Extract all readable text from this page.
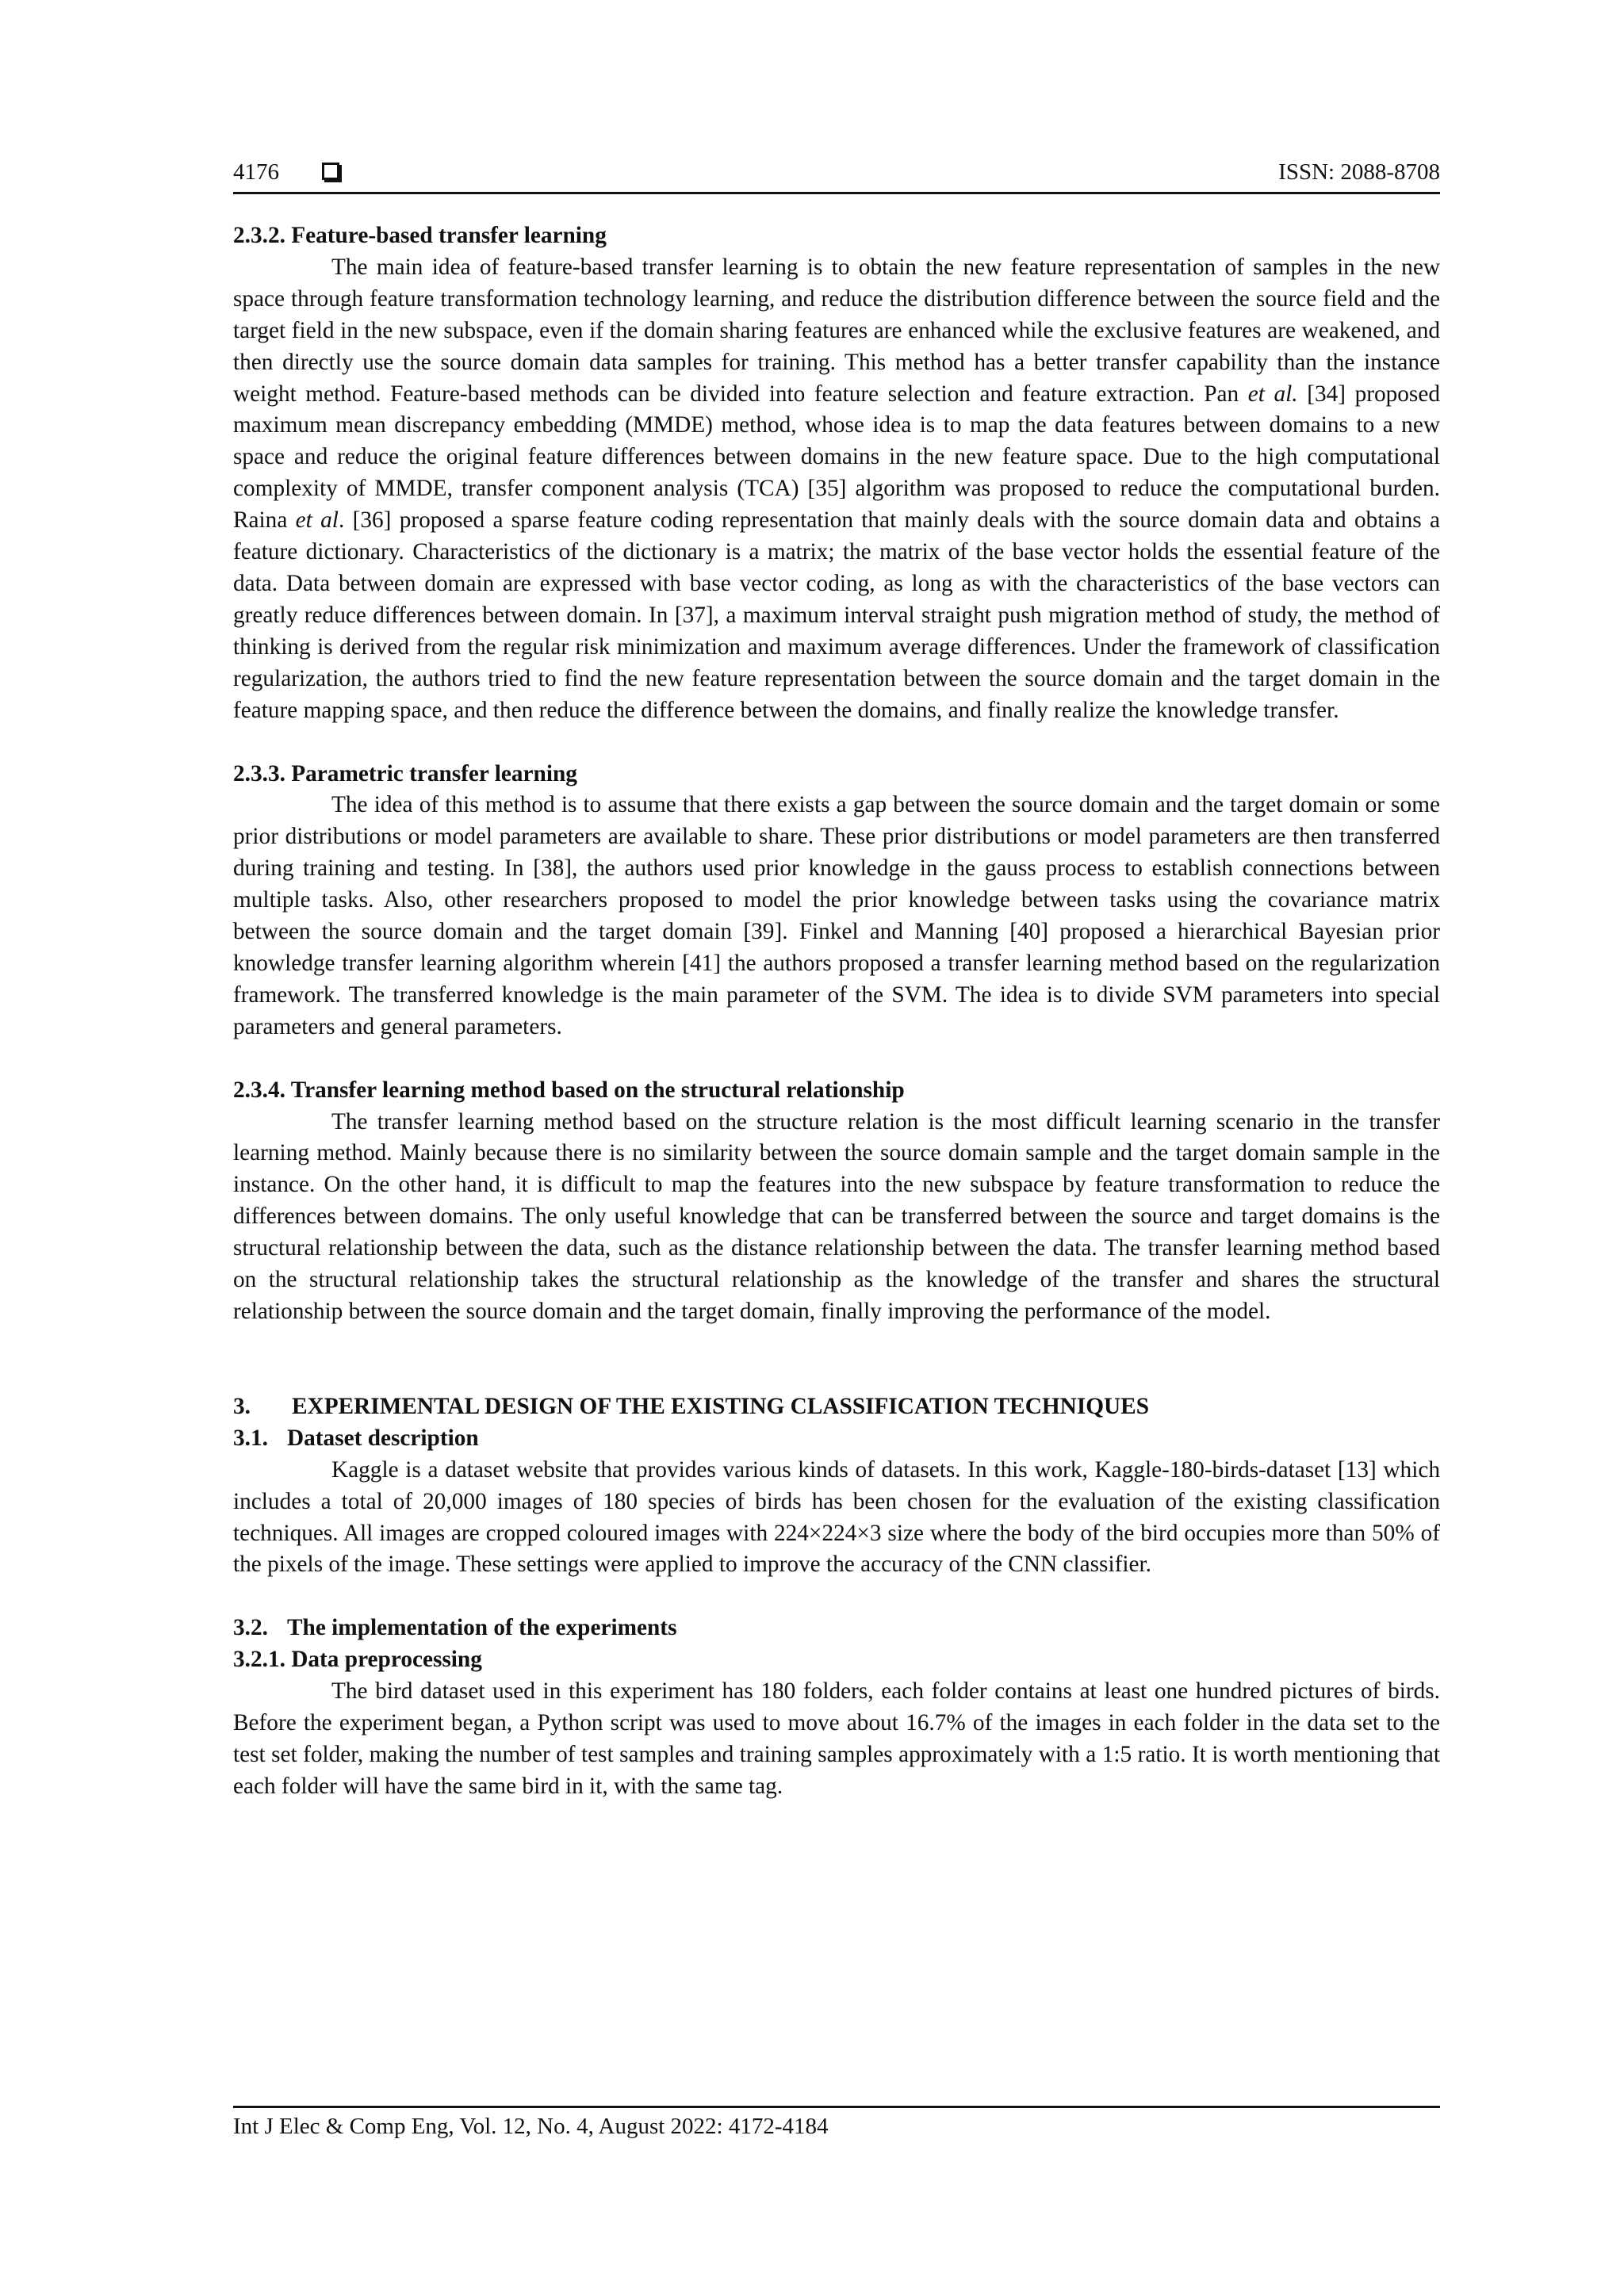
4176	ISSN: 2088-8708
2.3.2. Feature-based transfer learning

The main idea of feature-based transfer learning is to obtain the new feature representation of samples in the new space through feature transformation technology learning, and reduce the distribution difference between the source field and the target field in the new subspace, even if the domain sharing features are enhanced while the exclusive features are weakened, and then directly use the source domain data samples for training. This method has a better transfer capability than the instance weight method. Feature-based methods can be divided into feature selection and feature extraction. Pan et al. [34] proposed maximum mean discrepancy embedding (MMDE) method, whose idea is to map the data features between domains to a new space and reduce the original feature differences between domains in the new feature space. Due to the high computational complexity of MMDE, transfer component analysis (TCA) [35] algorithm was proposed to reduce the computational burden. Raina et al. [36] proposed a sparse feature coding representation that mainly deals with the source domain data and obtains a feature dictionary. Characteristics of the dictionary is a matrix; the matrix of the base vector holds the essential feature of the data. Data between domain are expressed with base vector coding, as long as with the characteristics of the base vectors can greatly reduce differences between domain. In [37], a maximum interval straight push migration method of study, the method of thinking is derived from the regular risk minimization and maximum average differences. Under the framework of classification regularization, the authors tried to find the new feature representation between the source domain and the target domain in the feature mapping space, and then reduce the difference between the domains, and finally realize the knowledge transfer.

2.3.3. Parametric transfer learning

The idea of this method is to assume that there exists a gap between the source domain and the target domain or some prior distributions or model parameters are available to share. These prior distributions or model parameters are then transferred during training and testing. In [38], the authors used prior knowledge in the gauss process to establish connections between multiple tasks. Also, other researchers proposed to model the prior knowledge between tasks using the covariance matrix between the source domain and the target domain [39]. Finkel and Manning [40] proposed a hierarchical Bayesian prior knowledge transfer learning algorithm wherein [41] the authors proposed a transfer learning method based on the regularization framework. The transferred knowledge is the main parameter of the SVM. The idea is to divide SVM parameters into special parameters and general parameters.

2.3.4. Transfer learning method based on the structural relationship

The transfer learning method based on the structure relation is the most difficult learning scenario in the transfer learning method. Mainly because there is no similarity between the source domain sample and the target domain sample in the instance. On the other hand, it is difficult to map the features into the new subspace by feature transformation to reduce the differences between domains. The only useful knowledge that can be transferred between the source and target domains is the structural relationship between the data, such as the distance relationship between the data. The transfer learning method based on the structural relationship takes the structural relationship as the knowledge of the transfer and shares the structural relationship between the source domain and the target domain, finally improving the performance of the model.

3. EXPERIMENTAL DESIGN OF THE EXISTING CLASSIFICATION TECHNIQUES
3.1. Dataset description

Kaggle is a dataset website that provides various kinds of datasets. In this work, Kaggle-180-birds-dataset [13] which includes a total of 20,000 images of 180 species of birds has been chosen for the evaluation of the existing classification techniques. All images are cropped coloured images with 224×224×3 size where the body of the bird occupies more than 50% of the pixels of the image. These settings were applied to improve the accuracy of the CNN classifier.

3.2. The implementation of the experiments
3.2.1. Data preprocessing

The bird dataset used in this experiment has 180 folders, each folder contains at least one hundred pictures of birds. Before the experiment began, a Python script was used to move about 16.7% of the images in each folder in the data set to the test set folder, making the number of test samples and training samples approximately with a 1:5 ratio. It is worth mentioning that each folder will have the same bird in it, with the same tag.

Int J Elec & Comp Eng, Vol. 12, No. 4, August 2022: 4172-4184
